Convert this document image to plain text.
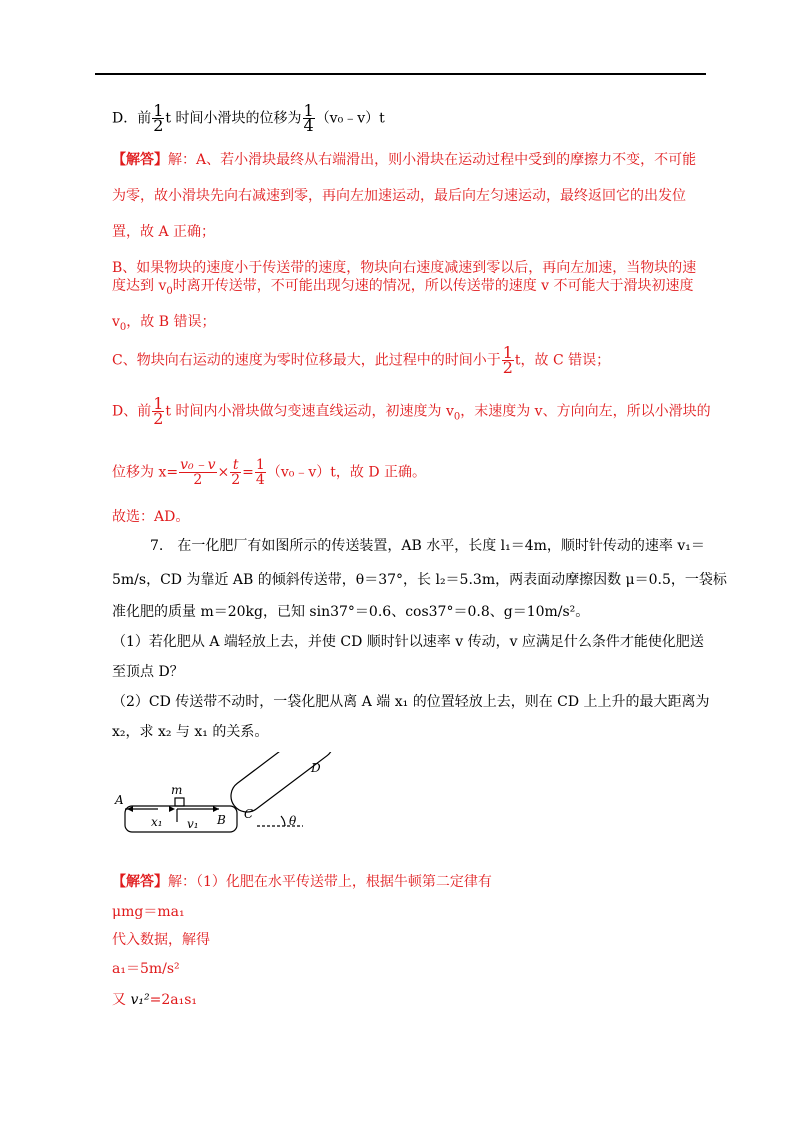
D．前 $\frac{1}{2}$ t 时间小滑块的位移为 $\frac{1}{4}$ （v₀﹣v）t
【解答】解：A、若小滑块最终从右端滑出，则小滑块在运动过程中受到的摩擦力不变，不可能
为零，故小滑块先向右减速到零，再向左加速运动，最后向左匀速运动，最终返回它的出发位
置，故 A 正确；
B、如果物块的速度小于传送带的速度，物块向右速度减速到零以后，再向左加速，当物块的速
度达到 $v_0$时离开传送带，不可能出现匀速的情况，所以传送带的速度 v 不可能大于滑块初速度
$v_0$，故 B 错误；
C、物块向右运动的速度为零时位移最大，此过程中的时间小于 $\frac{1}{2}$ t，故 C 错误；
D、前 $\frac{1}{2}$ t 时间内小滑块做匀变速直线运动，初速度为 $v_0$，末速度为 v、方向向左，所以小滑块的
位移为 $x= \frac{\text{v₀﹣v}}{2} \times \frac{t}{2} = \frac{1}{4}$ （v₀﹣v）t，故 D 正确。
故选：AD。
7.　在一化肥厂有如图所示的传送装置，AB 水平，长度 l₁＝4m，顺时针传动的速率 v₁＝
5m/s，CD 为靠近 AB 的倾斜传送带，θ＝37°，长 l₂＝5.3m，两表面动摩擦因数 μ＝0.5，一袋标
准化肥的质量 m＝20kg，已知 sin37°＝0.6、cos37°＝0.8、g＝10m/s²。
（1）若化肥从 A 端轻放上去，并使 CD 顺时针以速率 v 传动，v 应满足什么条件才能使化肥送
至顶点 D？
（2）CD 传送带不动时，一袋化肥从离 A 端 x₁ 的位置轻放上去，则在 CD 上上升的最大距离为
x₂，求 x₂ 与 x₁ 的关系。
A
B C
D
m
x₁ v₁	θ
【解答】解：（1）化肥在水平传送带上，根据牛顿第二定律有
μmg＝ma₁
代入数据，解得
a₁＝5m/s²
又 v₁²=2a₁s₁
